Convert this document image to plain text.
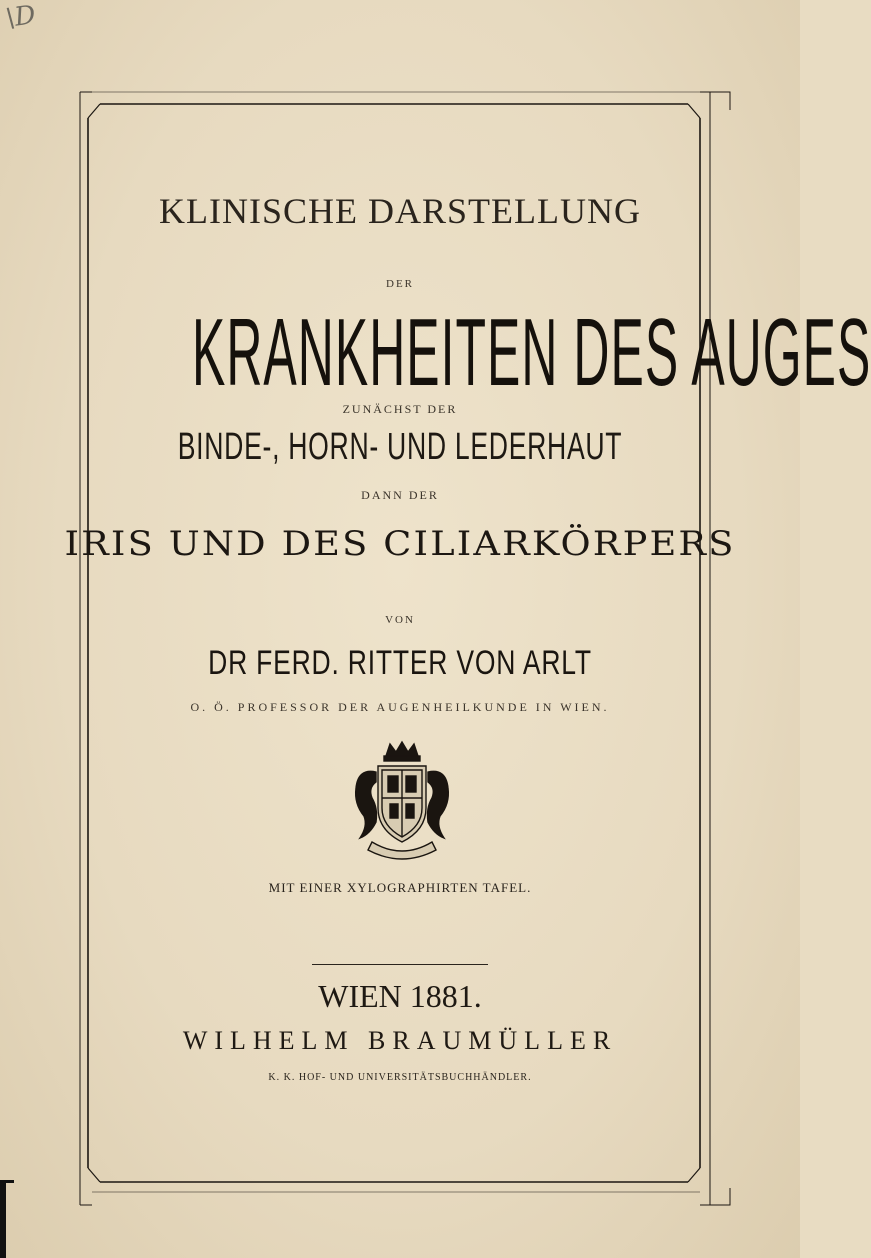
\D
KLINISCHE DARSTELLUNG
DER
KRANKHEITEN DES AUGES
ZUNÄCHST DER
BINDE-, HORN- UND LEDERHAUT
DANN DER
IRIS UND DES CILIARKÖRPERS
VON
DR FERD. RITTER VON ARLT
O. Ö. PROFESSOR DER AUGENHEILKUNDE IN WIEN.
MIT EINER XYLOGRAPHIRTEN TAFEL.
WIEN 1881.
WILHELM BRAUMÜLLER
K. K. HOF- UND UNIVERSITÄTSBUCHHÄNDLER.
